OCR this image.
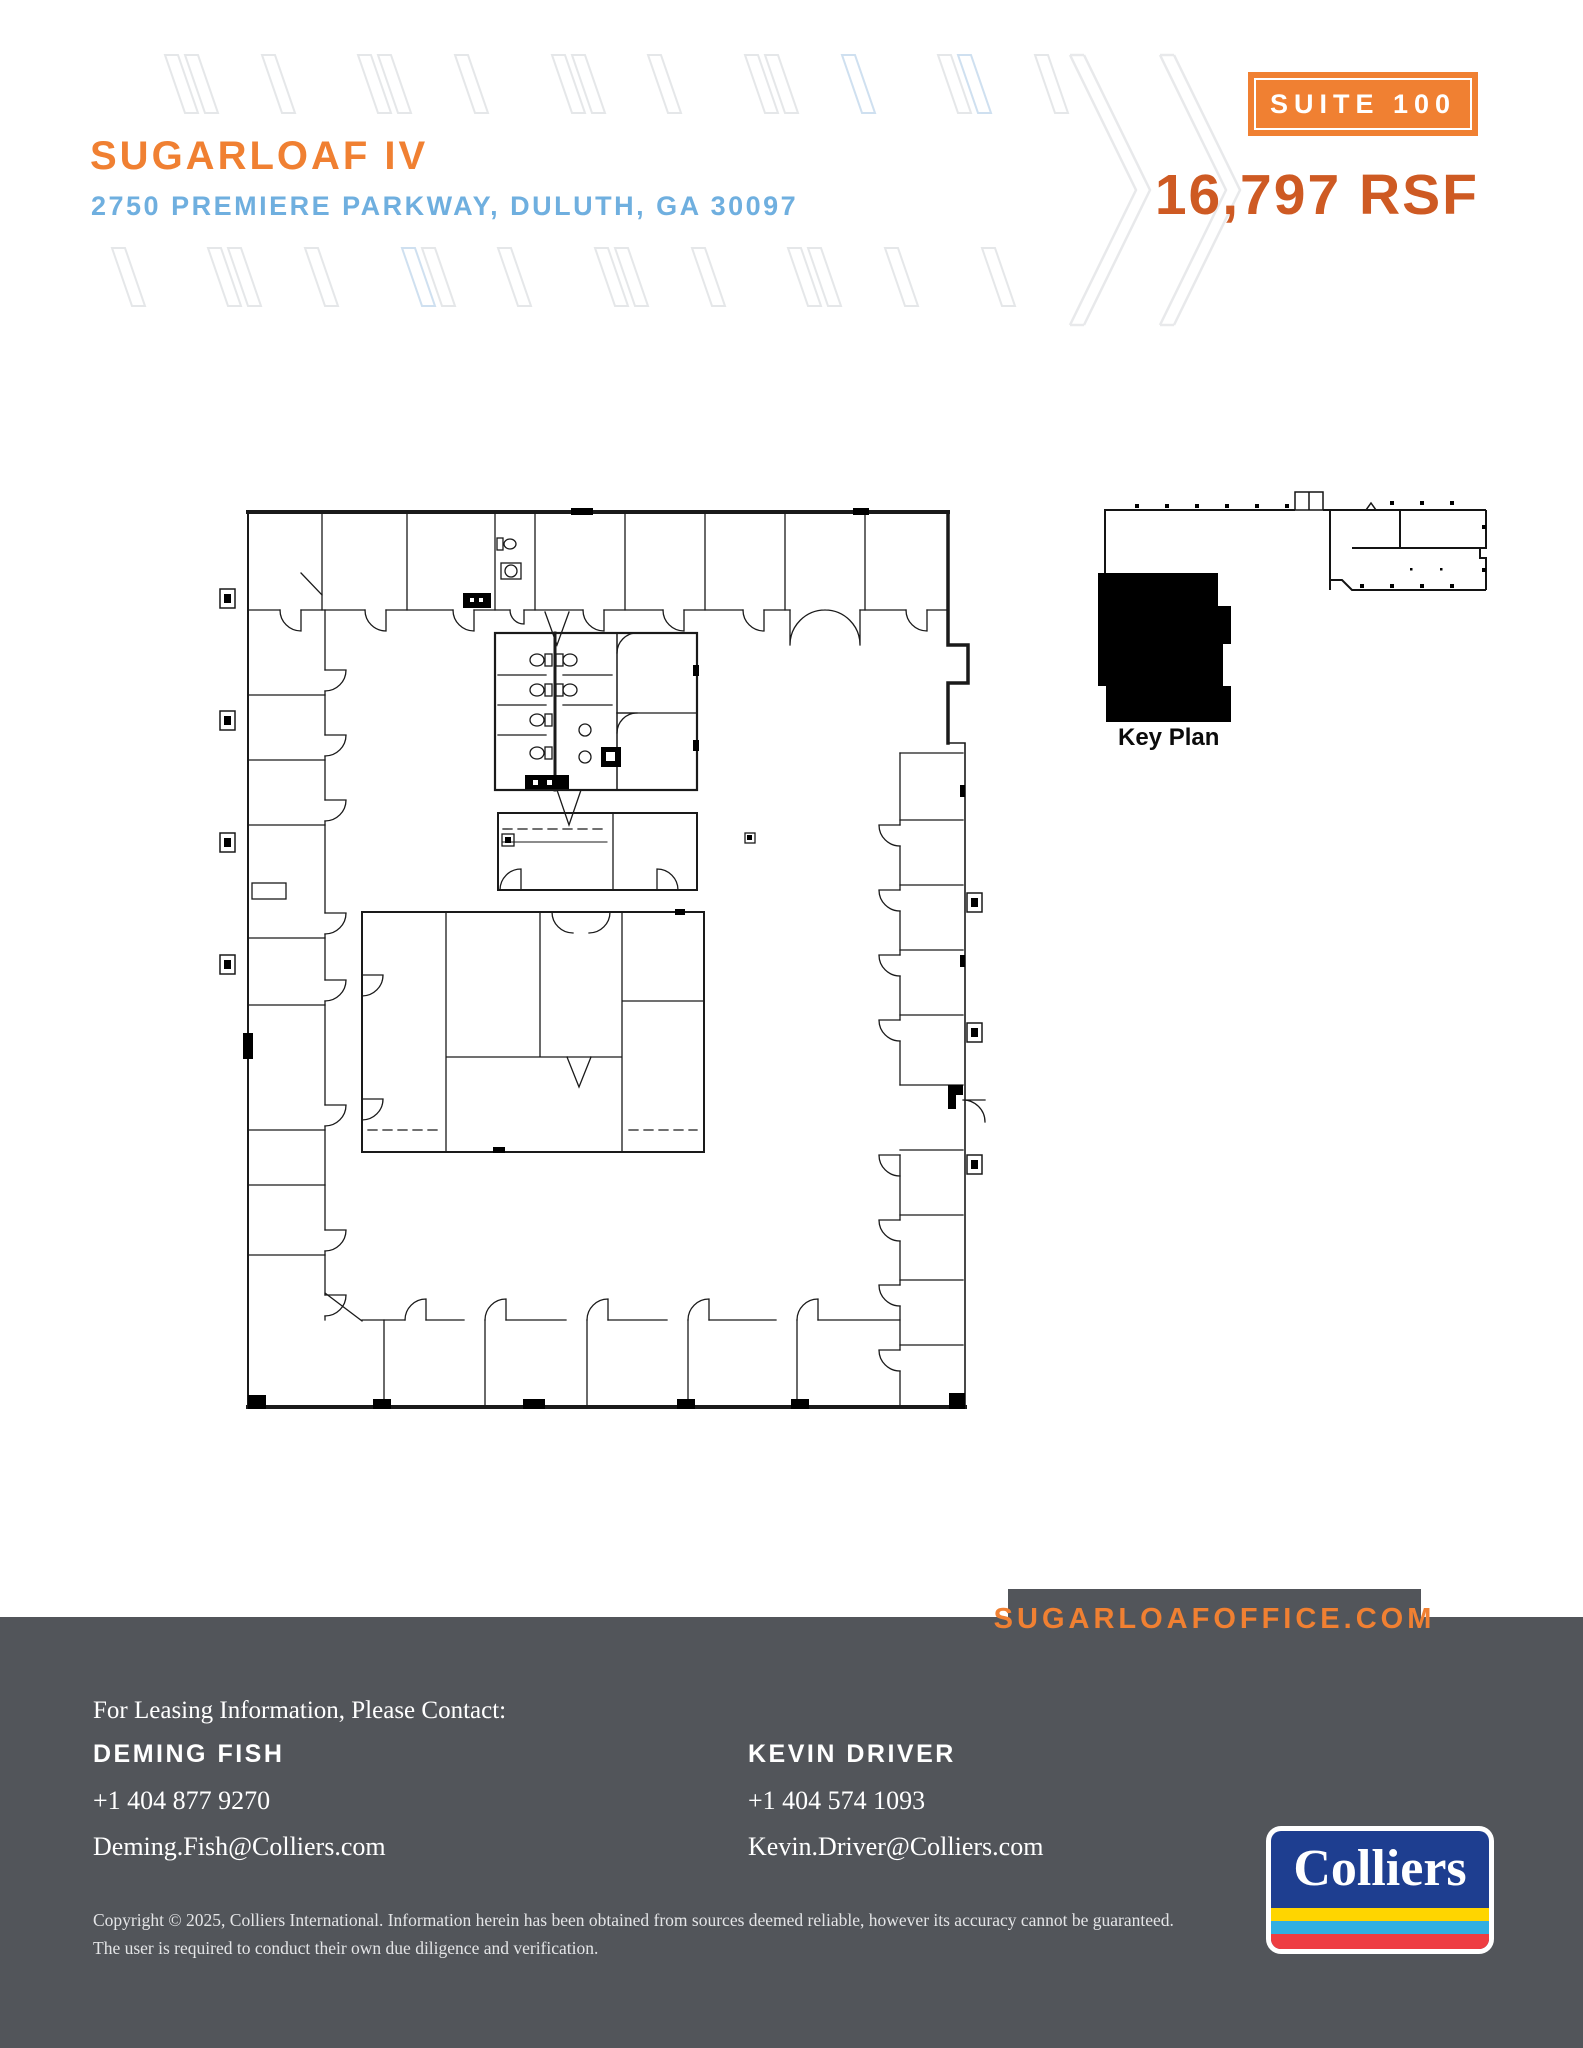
SUGARLOAF IV
2750 PREMIERE PARKWAY, DULUTH, GA 30097
SUITE 100
16,797 RSF
Key Plan
SUGARLOAFOFFICE.COM
For Leasing Information, Please Contact:
DEMING FISH
+1 404 877 9270
Deming.Fish@Colliers.com
KEVIN DRIVER
+1 404 574 1093
Kevin.Driver@Colliers.com
Copyright © 2025, Colliers International. Information herein has been obtained from sources deemed reliable, however its accuracy cannot be guaranteed.
The user is required to conduct their own due diligence and verification.
Colliers
